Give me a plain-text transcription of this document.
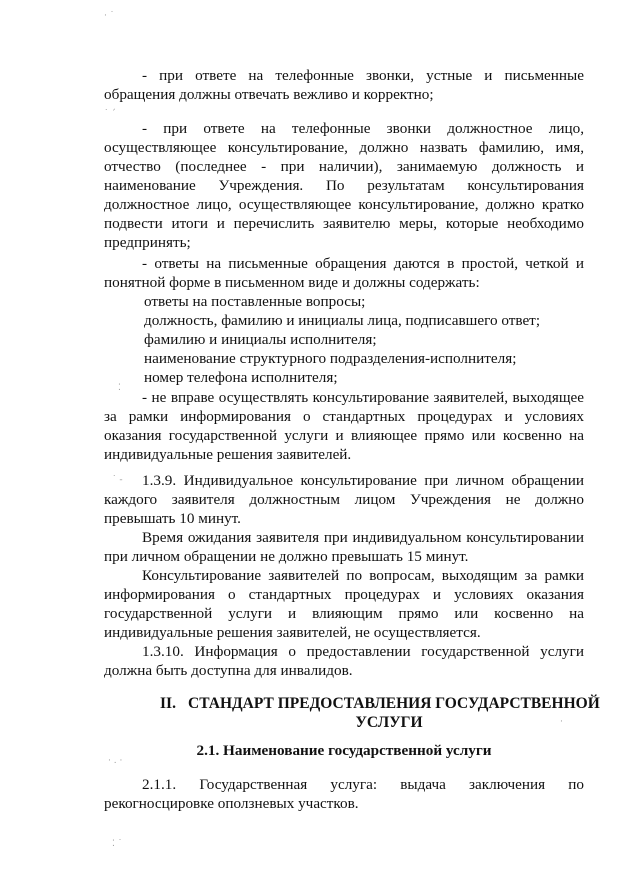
- при ответе на телефонные звонки, устные и письменные обращения должны отвечать вежливо и корректно;

- при ответе на телефонные звонки должностное лицо, осуществляющее консультирование, должно назвать фамилию, имя, отчество (последнее - при наличии), занимаемую должность и наименование Учреждения. По результатам консультирования должностное лицо, осуществляющее консультирование, должно кратко подвести итоги и перечислить заявителю меры, которые необходимо предпринять;

- ответы на письменные обращения даются в простой, четкой и понятной форме в письменном виде и должны содержать:

ответы на поставленные вопросы;
должность, фамилию и инициалы лица, подписавшего ответ;
фамилию и инициалы исполнителя;
наименование структурного подразделения-исполнителя;
номер телефона исполнителя;

- не вправе осуществлять консультирование заявителей, выходящее за рамки информирования о стандартных процедурах и условиях оказания государственной услуги и влияющее прямо или косвенно на индивидуальные решения заявителей.

1.3.9. Индивидуальное консультирование при личном обращении каждого заявителя должностным лицом Учреждения не должно превышать 10 минут.

Время ожидания заявителя при индивидуальном консультировании при личном обращении не должно превышать 15 минут.

Консультирование заявителей по вопросам, выходящим за рамки информирования о стандартных процедурах и условиях оказания государственной услуги и влияющим прямо или косвенно на индивидуальные решения заявителей, не осуществляется.

1.3.10. Информация о предоставлении государственной услуги должна быть доступна для инвалидов.

II. СТАНДАРТ ПРЕДОСТАВЛЕНИЯ ГОСУДАРСТВЕННОЙ
УСЛУГИ
2.1. Наименование государственной услуги

2.1.1. Государственная услуга: выдача заключения по рекогносцировке оползневых участков.

· ˙
˙ ´
⁚
˙ -
· . ·
⁚ ˙
·
